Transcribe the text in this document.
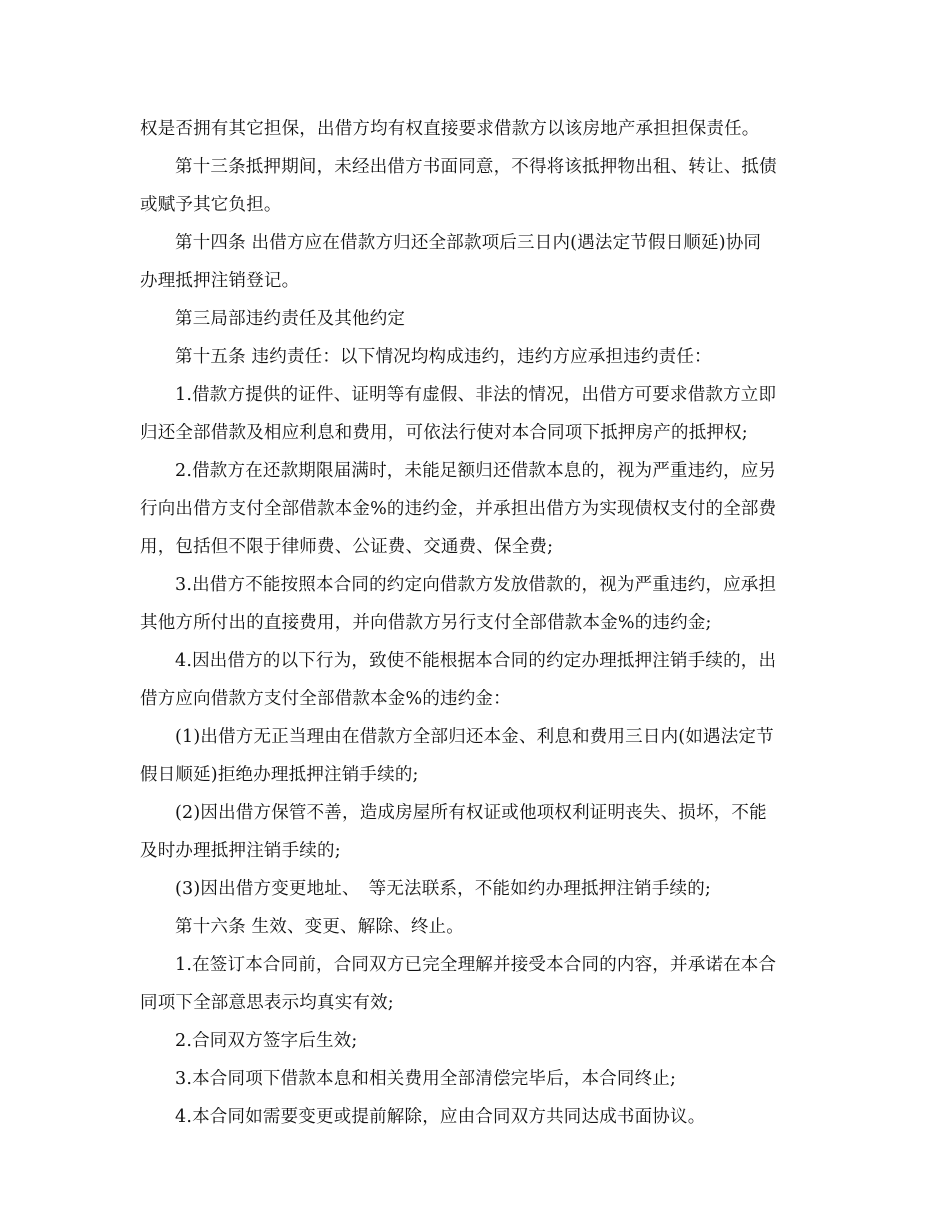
权是否拥有其它担保，出借方均有权直接要求借款方以该房地产承担担保责任。
第十三条抵押期间，未经出借方书面同意，不得将该抵押物出租、转让、抵债
或赋予其它负担。
第十四条 出借方应在借款方归还全部款项后三日内(遇法定节假日顺延)协同
办理抵押注销登记。
第三局部违约责任及其他约定
第十五条 违约责任：以下情况均构成违约，违约方应承担违约责任：
1.借款方提供的证件、证明等有虚假、非法的情况，出借方可要求借款方立即
归还全部借款及相应利息和费用，可依法行使对本合同项下抵押房产的抵押权;
2.借款方在还款期限届满时，未能足额归还借款本息的，视为严重违约，应另
行向出借方支付全部借款本金%的违约金，并承担出借方为实现债权支付的全部费
用，包括但不限于律师费、公证费、交通费、保全费;
3.出借方不能按照本合同的约定向借款方发放借款的，视为严重违约，应承担
其他方所付出的直接费用，并向借款方另行支付全部借款本金%的违约金;
4.因出借方的以下行为，致使不能根据本合同的约定办理抵押注销手续的，出
借方应向借款方支付全部借款本金%的违约金：
(1)出借方无正当理由在借款方全部归还本金、利息和费用三日内(如遇法定节
假日顺延)拒绝办理抵押注销手续的;
(2)因出借方保管不善，造成房屋所有权证或他项权利证明丧失、损坏，不能
及时办理抵押注销手续的;
(3)因出借方变更地址、　等无法联系，不能如约办理抵押注销手续的;
第十六条 生效、变更、解除、终止。
1.在签订本合同前，合同双方已完全理解并接受本合同的内容，并承诺在本合
同项下全部意思表示均真实有效;
2.合同双方签字后生效;
3.本合同项下借款本息和相关费用全部清偿完毕后，本合同终止;
4.本合同如需要变更或提前解除，应由合同双方共同达成书面协议。
